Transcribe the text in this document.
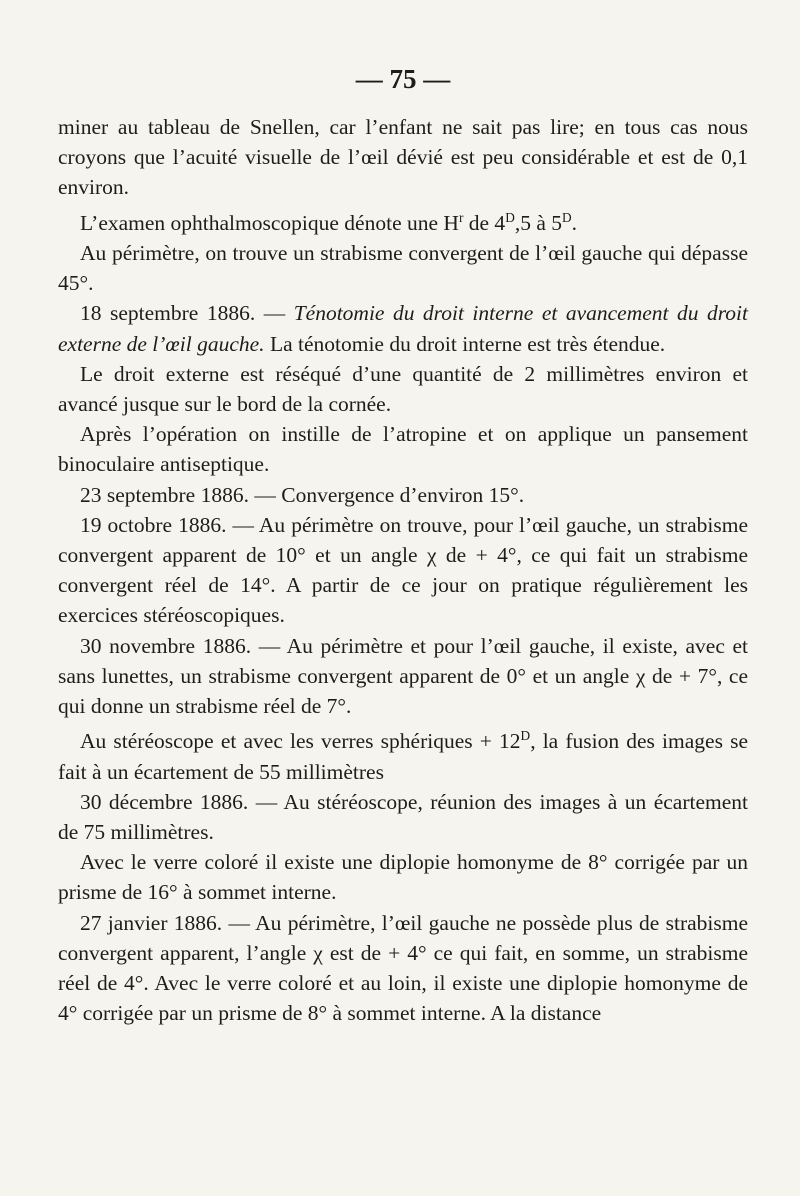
— 75 —

miner au tableau de Snellen, car l’enfant ne sait pas lire; en tous cas nous croyons que l’acuité visuelle de l’œil dévié est peu considérable et est de 0,1 environ.

L’examen ophthalmoscopique dénote une $H^r$ de $4^D,5$ à $5^D$.

Au périmètre, on trouve un strabisme convergent de l’œil gauche qui dépasse 45°.

18 septembre 1886. — Ténotomie du droit interne et avancement du droit externe de l’œil gauche. La ténotomie du droit interne est très étendue.

Le droit externe est réséqué d’une quantité de 2 millimètres environ et avancé jusque sur le bord de la cornée.

Après l’opération on instille de l’atropine et on applique un pansement binoculaire antiseptique.

23 septembre 1886. — Convergence d’environ 15°.

19 octobre 1886. — Au périmètre on trouve, pour l’œil gauche, un strabisme convergent apparent de 10° et un angle χ de + 4°, ce qui fait un strabisme convergent réel de 14°. A partir de ce jour on pratique régulièrement les exercices stéréoscopiques.

30 novembre 1886. — Au périmètre et pour l’œil gauche, il existe, avec et sans lunettes, un strabisme convergent apparent de 0° et un angle χ de + 7°, ce qui donne un strabisme réel de 7°.

Au stéréoscope et avec les verres sphériques + $12^D$, la fusion des images se fait à un écartement de 55 millimètres

30 décembre 1886. — Au stéréoscope, réunion des images à un écartement de 75 millimètres.

Avec le verre coloré il existe une diplopie homonyme de 8° corrigée par un prisme de 16° à sommet interne.

27 janvier 1886. — Au périmètre, l’œil gauche ne possède plus de strabisme convergent apparent, l’angle χ est de + 4° ce qui fait, en somme, un strabisme réel de 4°. Avec le verre coloré et au loin, il existe une diplopie homonyme de 4° corrigée par un prisme de 8° à sommet interne. A la distance
